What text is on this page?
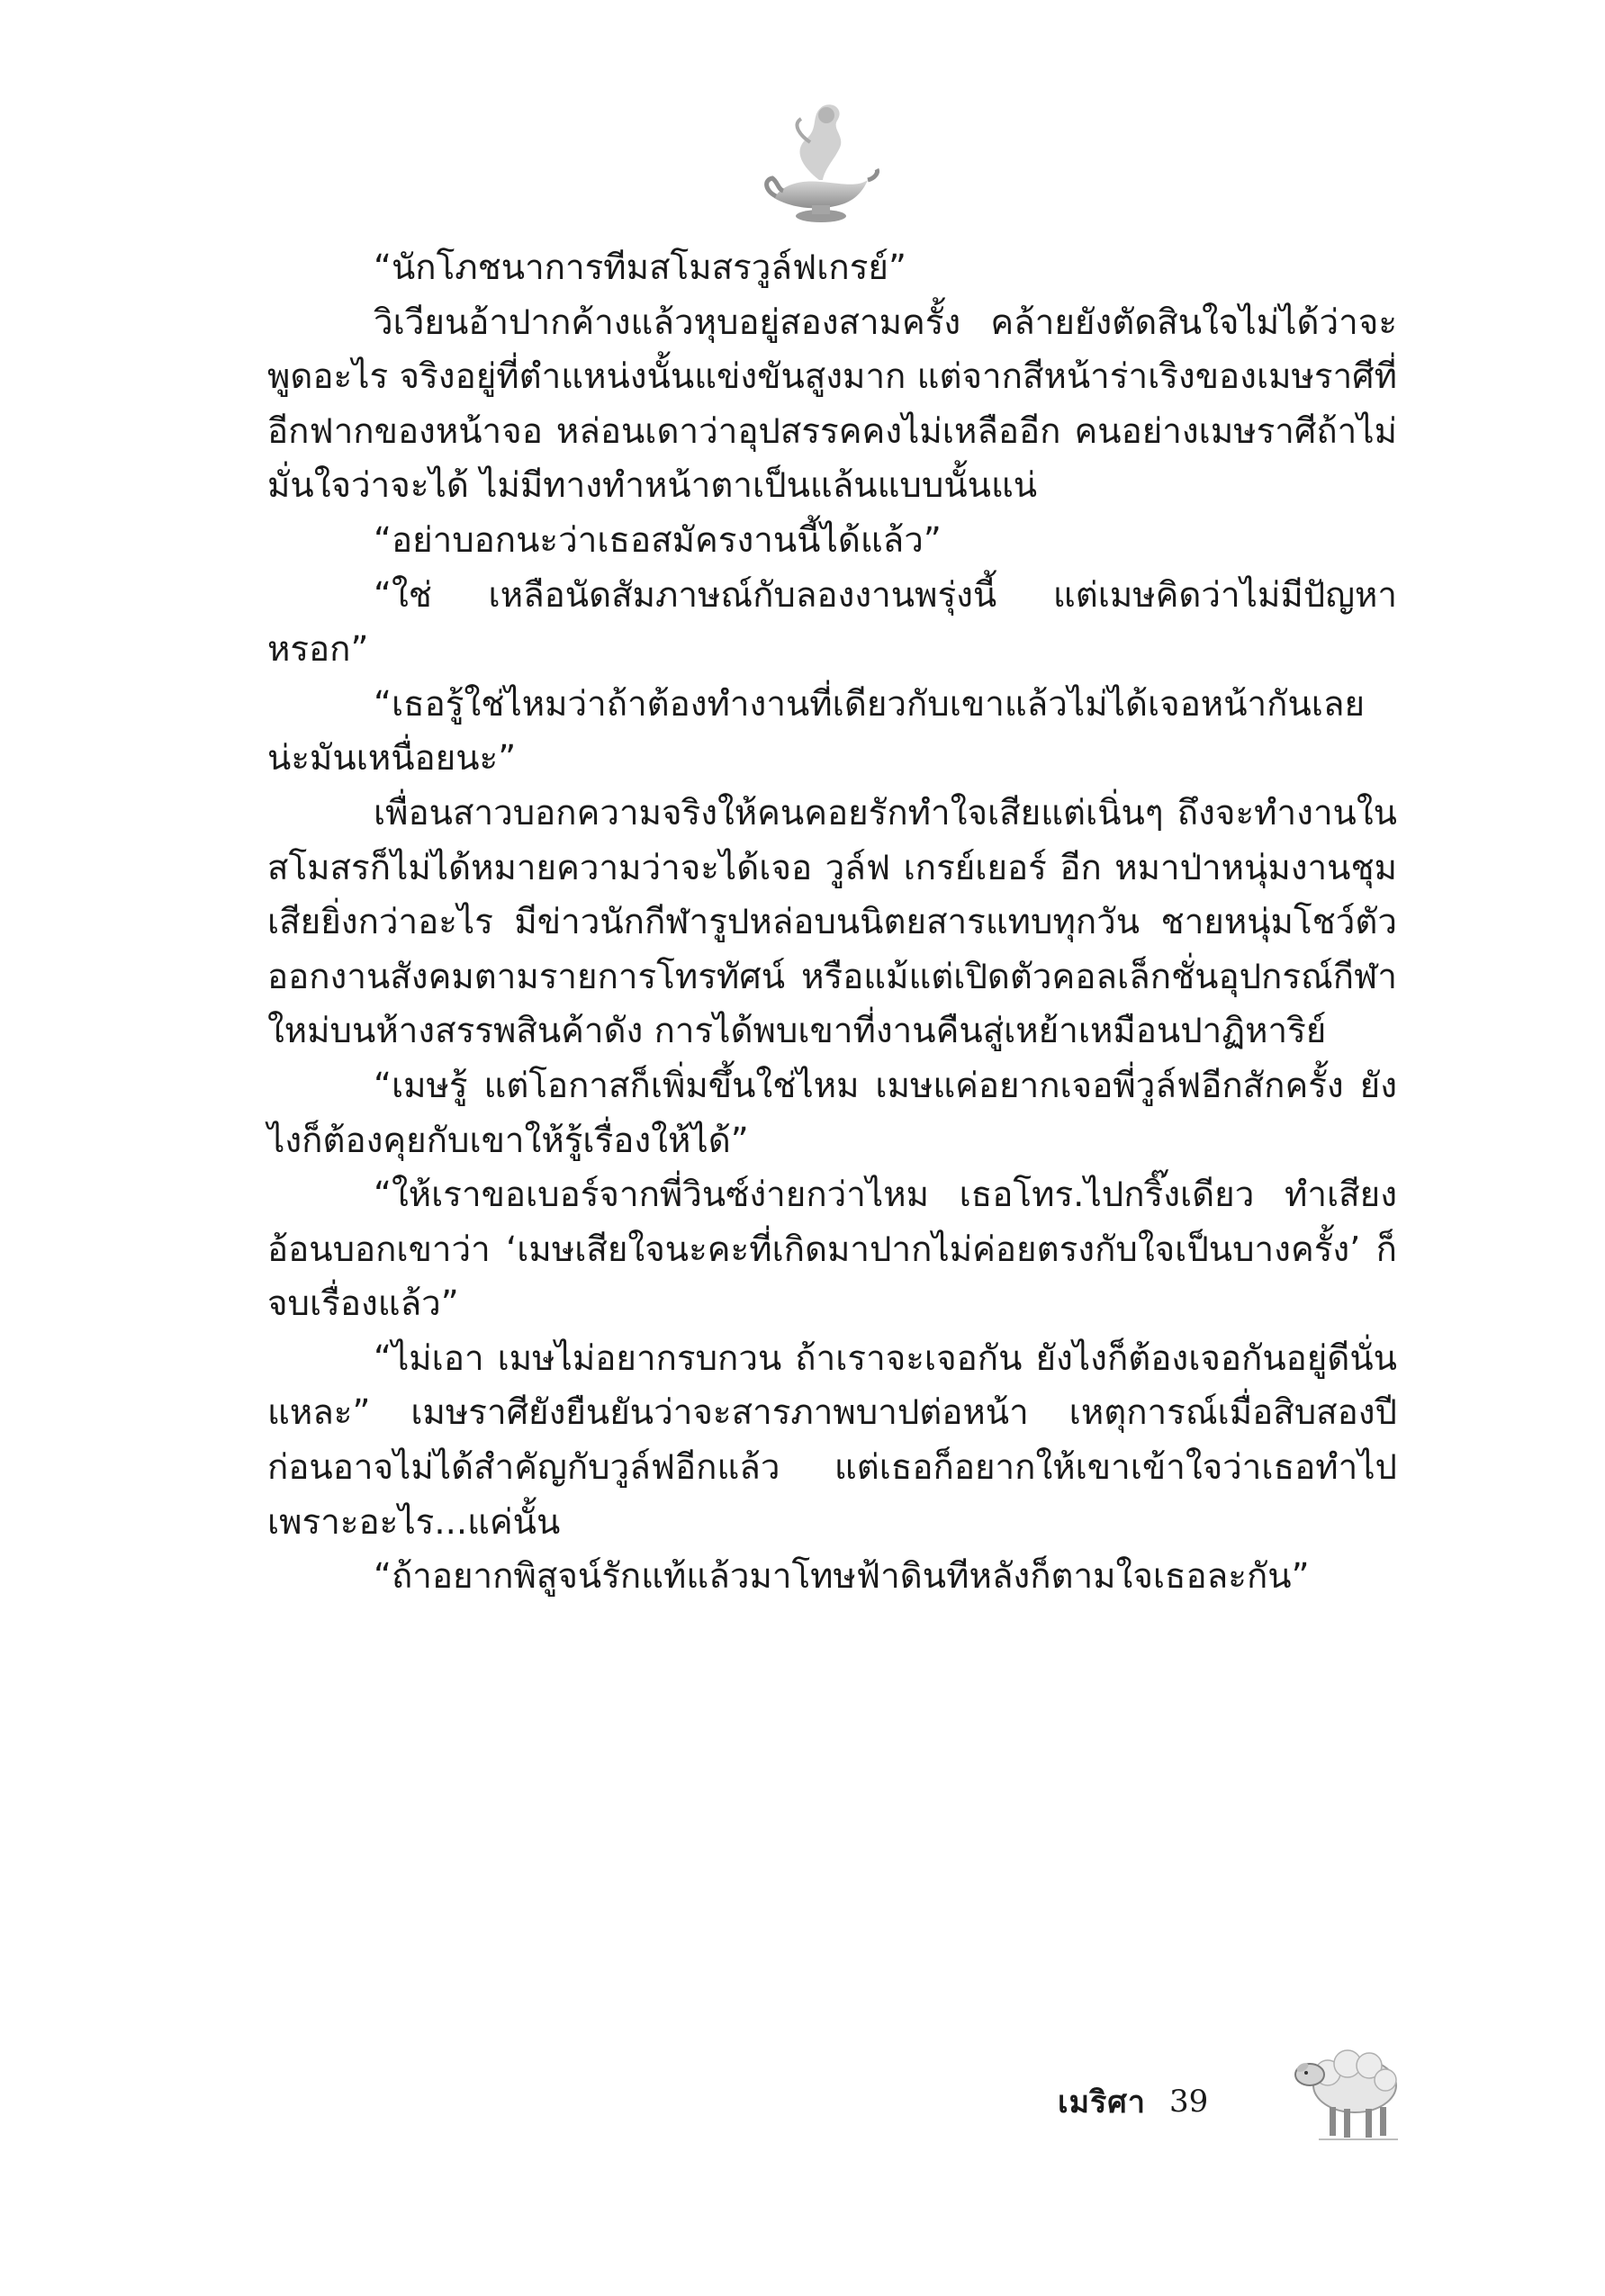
“นักโภชนาการทีมสโมสรวูล์ฟเกรย์”

วิเวียนอ้าปากค้างแล้วหุบอยู่สองสามครั้ง คล้ายยังตัดสินใจไม่ได้ว่าจะพูดอะไร จริงอยู่ที่ตำแหน่งนั้นแข่งขันสูงมาก แต่จากสีหน้าร่าเริงของเมษราศีที่อีกฟากของหน้าจอ หล่อนเดาว่าอุปสรรคคงไม่เหลืออีก คนอย่างเมษราศีถ้าไม่มั่นใจว่าจะได้ ไม่มีทางทำหน้าตาเป็นแล้นแบบนั้นแน่

“อย่าบอกนะว่าเธอสมัครงานนี้ได้แล้ว”

“ใช่ เหลือนัดสัมภาษณ์กับลองงานพรุ่งนี้ แต่เมษคิดว่าไม่มีปัญหาหรอก”

“เธอรู้ใช่ไหมว่าถ้าต้องทำงานที่เดียวกับเขาแล้วไม่ได้เจอหน้ากันเลยน่ะมันเหนื่อยนะ”

เพื่อนสาวบอกความจริงให้คนคอยรักทำใจเสียแต่เนิ่นๆ ถึงจะทำงานในสโมสรก็ไม่ได้หมายความว่าจะได้เจอ วูล์ฟ เกรย์เยอร์ อีก หมาป่าหนุ่มงานชุมเสียยิ่งกว่าอะไร มีข่าวนักกีฬารูปหล่อบนนิตยสารแทบทุกวัน ชายหนุ่มโชว์ตัวออกงานสังคมตามรายการโทรทัศน์ หรือแม้แต่เปิดตัวคอลเล็กชั่นอุปกรณ์กีฬาใหม่บนห้างสรรพสินค้าดัง การได้พบเขาที่งานคืนสู่เหย้าเหมือนปาฏิหาริย์

“เมษรู้ แต่โอกาสก็เพิ่มขึ้นใช่ไหม เมษแค่อยากเจอพี่วูล์ฟอีกสักครั้ง ยังไงก็ต้องคุยกับเขาให้รู้เรื่องให้ได้”

“ให้เราขอเบอร์จากพี่วินซ์ง่ายกว่าไหม เธอโทร.ไปกริ๊งเดียว ทำเสียงอ้อนบอกเขาว่า ‘เมษเสียใจนะคะที่เกิดมาปากไม่ค่อยตรงกับใจเป็นบางครั้ง’ ก็จบเรื่องแล้ว”

“ไม่เอา เมษไม่อยากรบกวน ถ้าเราจะเจอกัน ยังไงก็ต้องเจอกันอยู่ดีนั่นแหละ” เมษราศียังยืนยันว่าจะสารภาพบาปต่อหน้า เหตุการณ์เมื่อสิบสองปีก่อนอาจไม่ได้สำคัญกับวูล์ฟอีกแล้ว แต่เธอก็อยากให้เขาเข้าใจว่าเธอทำไปเพราะอะไร...แค่นั้น

“ถ้าอยากพิสูจน์รักแท้แล้วมาโทษฟ้าดินทีหลังก็ตามใจเธอละกัน”

เมริศา 39
